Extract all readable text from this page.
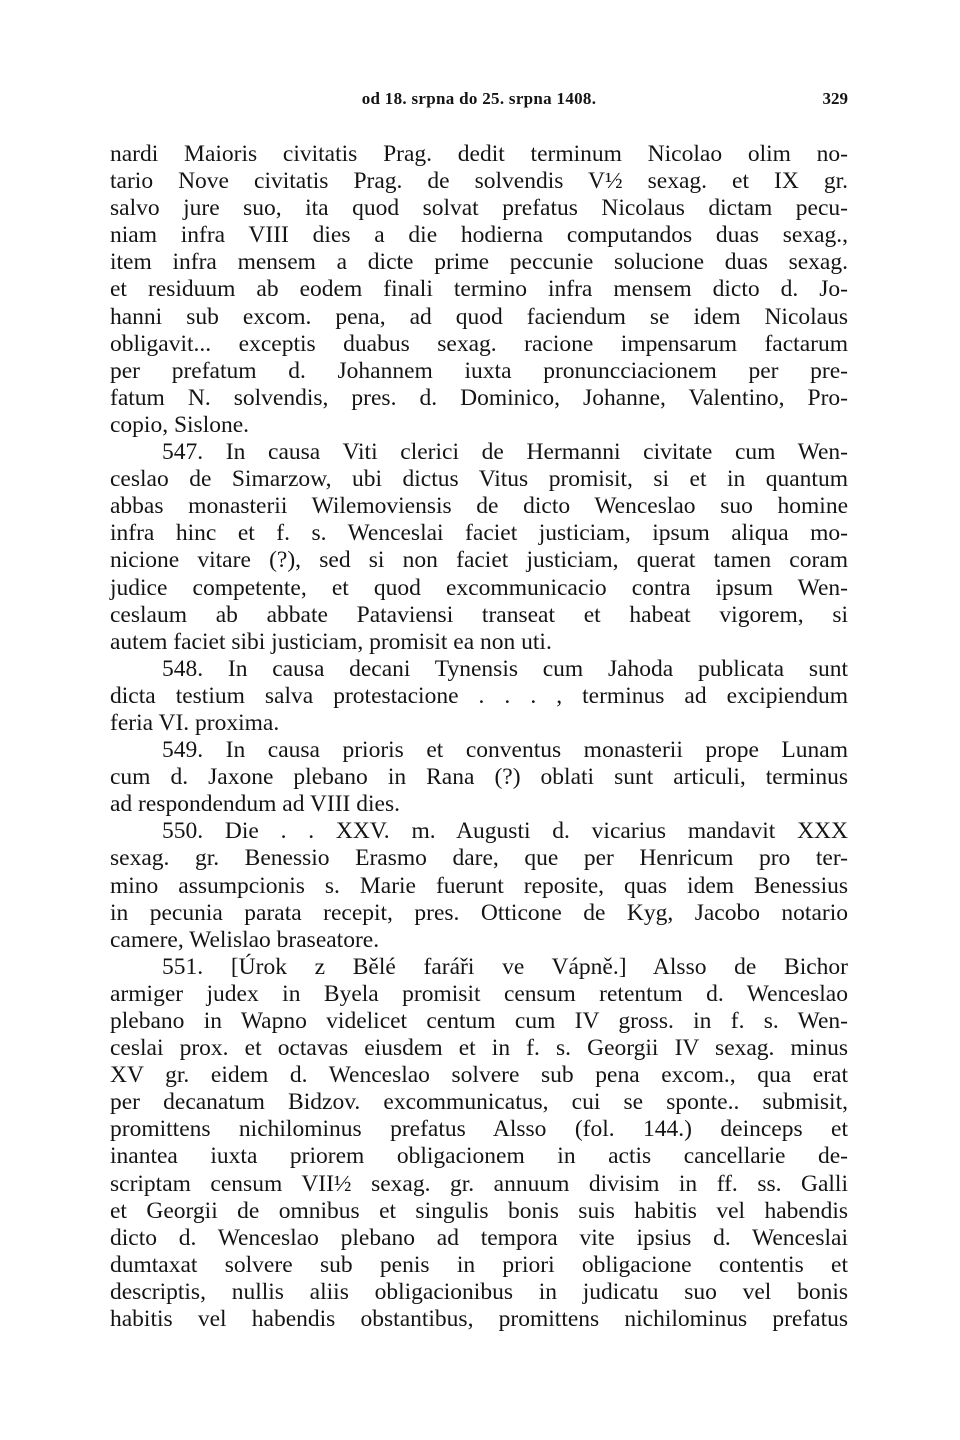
od 18. srpna do 25. srpna 1408.	329
nardi Maioris civitatis Prag. dedit terminum Nicolao olim no-
tario Nove civitatis Prag. de solvendis V½ sexag. et IX gr.
salvo jure suo, ita quod solvat prefatus Nicolaus dictam pecu-
niam infra VIII dies a die hodierna computandos duas sexag.,
item infra mensem a dicte prime peccunie solucione duas sexag.
et residuum ab eodem finali termino infra mensem dicto d. Jo-
hanni sub excom. pena, ad quod faciendum se idem Nicolaus
obligavit... exceptis duabus sexag. racione impensarum factarum
per prefatum d. Johannem iuxta pronuncciacionem per pre-
fatum N. solvendis, pres. d. Dominico, Johanne, Valentino, Pro-
copio, Sislone.
547. In causa Viti clerici de Hermanni civitate cum Wen-
ceslao de Simarzow, ubi dictus Vitus promisit, si et in quantum
abbas monasterii Wilemoviensis de dicto Wenceslao suo homine
infra hinc et f. s. Wenceslai faciet justiciam, ipsum aliqua mo-
nicione vitare (?), sed si non faciet justiciam, querat tamen coram
judice competente, et quod excommunicacio contra ipsum Wen-
ceslaum ab abbate Pataviensi transeat et habeat vigorem, si
autem faciet sibi justiciam, promisit ea non uti.
548. In causa decani Tynensis cum Jahoda publicata sunt
dicta testium salva protestacione . . . , terminus ad excipiendum
feria VI. proxima.
549. In causa prioris et conventus monasterii prope Lunam
cum d. Jaxone plebano in Rana (?) oblati sunt articuli, terminus
ad respondendum ad VIII dies.
550. Die . . XXV. m. Augusti d. vicarius mandavit XXX
sexag. gr. Benessio Erasmo dare, que per Henricum pro ter-
mino assumpcionis s. Marie fuerunt reposite, quas idem Benessius
in pecunia parata recepit, pres. Otticone de Kyg, Jacobo notario
camere, Welislao braseatore.
551. [Úrok z Bělé faráři ve Vápně.] Alsso de Bichor
armiger judex in Byela promisit censum retentum d. Wenceslao
plebano in Wapno videlicet centum cum IV gross. in f. s. Wen-
ceslai prox. et octavas eiusdem et in f. s. Georgii IV sexag. minus
XV gr. eidem d. Wenceslao solvere sub pena excom., qua erat
per decanatum Bidzov. excommunicatus, cui se sponte.. submisit,
promittens nichilominus prefatus Alsso (fol. 144.) deinceps et
inantea iuxta priorem obligacionem in actis cancellarie de-
scriptam censum VII½ sexag. gr. annuum divisim in ff. ss. Galli
et Georgii de omnibus et singulis bonis suis habitis vel habendis
dicto d. Wenceslao plebano ad tempora vite ipsius d. Wenceslai
dumtaxat solvere sub penis in priori obligacione contentis et
descriptis, nullis aliis obligacionibus in judicatu suo vel bonis
habitis vel habendis obstantibus, promittens nichilominus prefatus
